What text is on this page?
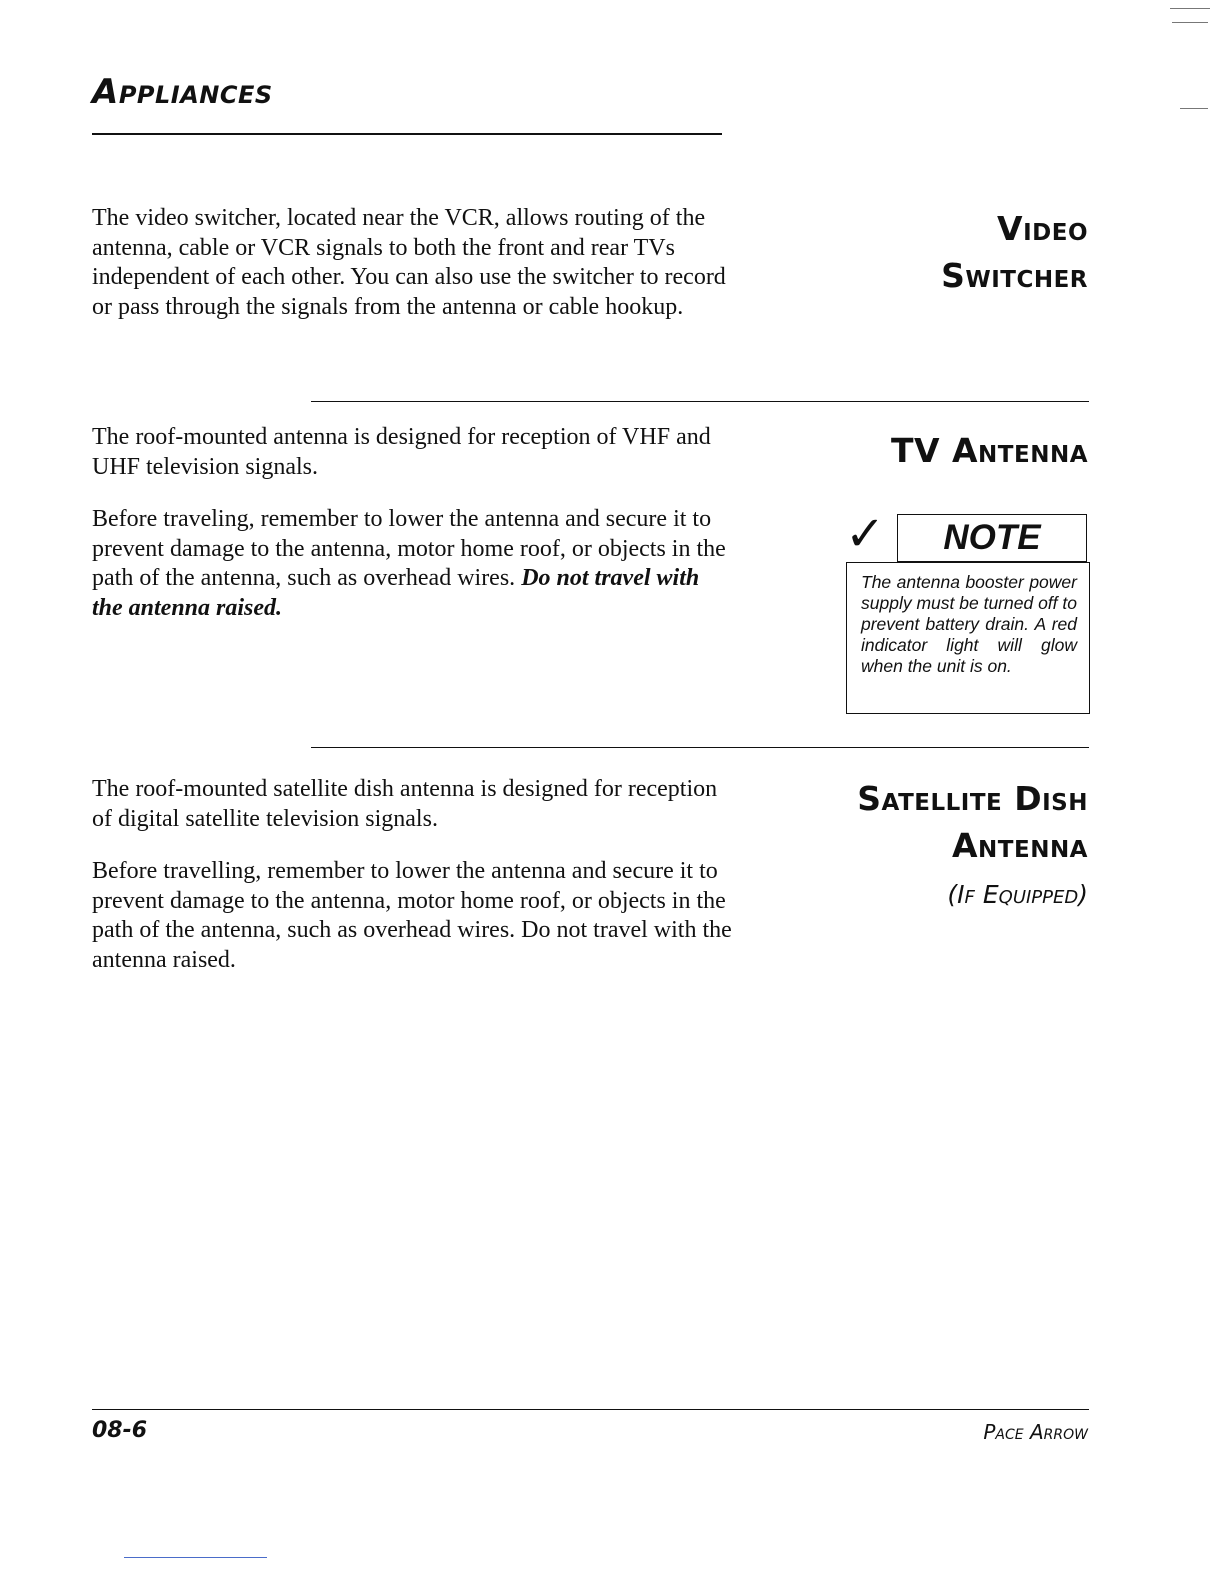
Appliances

The video switcher, located near the VCR, allows routing of the antenna, cable or VCR signals to both the front and rear TVs independent of each other. You can also use the switcher to record or pass through the signals from the antenna or cable hookup.

Video
Switcher

The roof-mounted antenna is designed for reception of VHF and UHF television signals.

Before traveling, remember to lower the antenna and secure it to prevent damage to the antenna, motor home roof, or objects in the path of the antenna, such as overhead wires. Do not travel with the antenna raised.

TV Antenna
✓	NOTE
The antenna booster power supply must be turned off to prevent battery drain. A red indicator light will glow when the unit is on.

The roof-mounted satellite dish antenna is designed for reception of digital satellite television signals.

Before travelling, remember to lower the antenna and secure it to prevent damage to the antenna, motor home roof, or objects in the path of the antenna, such as overhead wires. Do not travel with the antenna raised.

Satellite Dish
Antenna
(If Equipped)
08-6	Pace Arrow
